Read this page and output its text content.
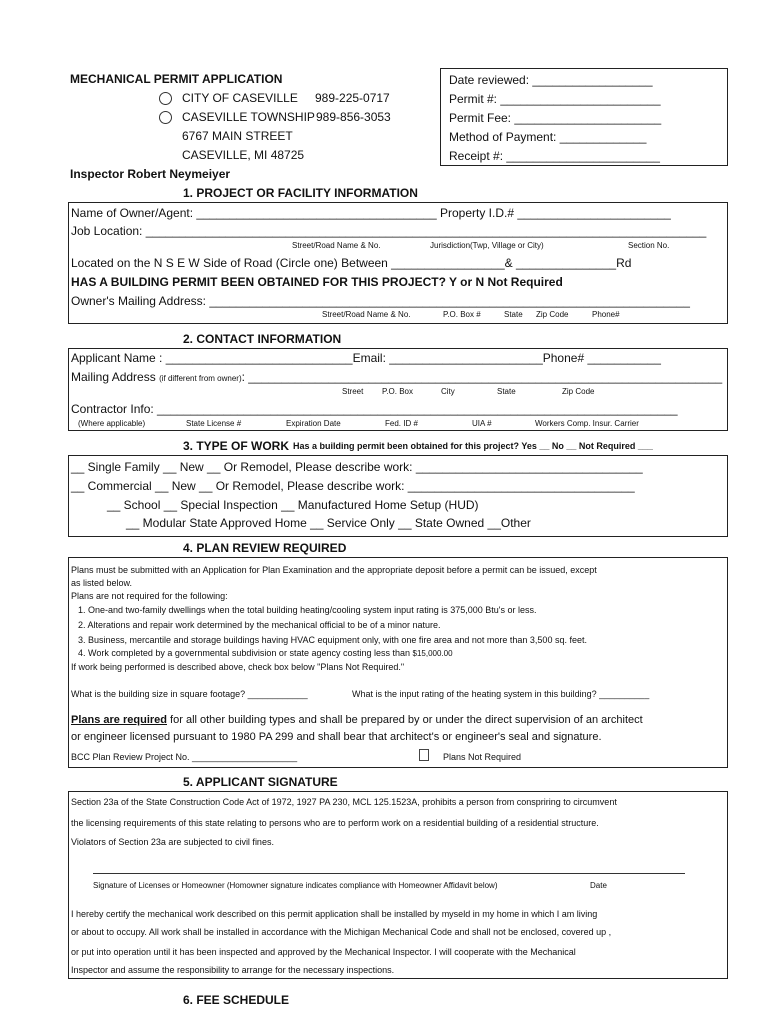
MECHANICAL PERMIT APPLICATION
CITY OF CASEVILLE 989-225-0717
CASEVILLE TOWNSHIP 989-856-3053
6767 MAIN STREET
CASEVILLE, MI 48725
Inspector Robert Neymeiyer
Date reviewed: __________________
Permit #: ________________________
Permit Fee: ______________________
Method of Payment: _____________
Receipt #: _______________________
1. PROJECT OR FACILITY INFORMATION
Name of Owner/Agent: ____________________________________ Property I.D.# _______________________
Job Location: ____________________________________________________________________________________
Street/Road Name & No.	Jurisdiction(Twp, Village or City)	Section No.
Located on the N S E W Side of Road (Circle one) Between _________________& _______________Rd
HAS A BUILDING PERMIT BEEN OBTAINED FOR THIS PROJECT? Y or N Not Required
Owner's Mailing Address: ________________________________________________________________________
Street/Road Name & No.	P.O. Box #	State Zip Code	Phone#
2. CONTACT INFORMATION
Applicant Name : ____________________________Email: _______________________Phone# ___________
Mailing Address (if different from owner): _______________________________________________________________________
Street P.O. Box	City	State	Zip Code
Contractor Info: ______________________________________________________________________________
(Where applicable)	State License #	Expiration Date	Fed. ID #	UIA #	Workers Comp. Insur. Carrier
3. TYPE OF WORK Has a building permit been obtained for this project? Yes __ No __ Not Required ___
__ Single Family __ New __ Or Remodel, Please describe work: __________________________________
__ Commercial __ New __ Or Remodel, Please describe work: __________________________________
__ School __ Special Inspection __ Manufactured Home Setup (HUD)
__ Modular State Approved Home __ Service Only __ State Owned __Other
4. PLAN REVIEW REQUIRED
Plans must be submitted with an Application for Plan Examination and the appropriate deposit before a permit can be issued, except
as listed below.
Plans are not required for the following:
1. One-and two-family dwellings when the total building heating/cooling system input rating is 375,000 Btu's or less.
2. Alterations and repair work determined by the mechanical official to be of a minor nature.
3. Business, mercantile and storage buildings having HVAC equipment only, with one fire area and not more than 3,500 sq. feet.
4. Work completed by a governmental subdivision or state agency costing less than $15,000.00
If work being performed is described above, check box below "Plans Not Required."
What is the building size in square footage? ____________	What is the input rating of the heating system in this building? __________
Plans are required for all other building types and shall be prepared by or under the direct supervision of an architect
or engineer licensed pursuant to 1980 PA 299 and shall bear that architect's or engineer's seal and signature.
BCC Plan Review Project No. _____________________	Plans Not Required
5. APPLICANT SIGNATURE
Section 23a of the State Construction Code Act of 1972, 1927 PA 230, MCL 125.1523A, prohibits a person from conspriring to circumvent
the licensing requirements of this state relating to persons who are to perform work on a residential building of a residential structure.
Violators of Section 23a are subjected to civil fines.
Signature of Licenses or Homeowner (Homowner signature indicates compliance with Homeowner Affidavit below)	Date
I hereby certify the mechanical work described on this permit application shall be installed by myseld in my home in which I am living
or about to occupy. All work shall be installed in accordance with the Michigan Mechanical Code and shall not be enclosed, covered up ,
or put into operation until it has been inspected and approved by the Mechanical Inspector. I will cooperate with the Mechanical
Inspector and assume the responsibility to arrange for the necessary inspections.
6. FEE SCHEDULE
